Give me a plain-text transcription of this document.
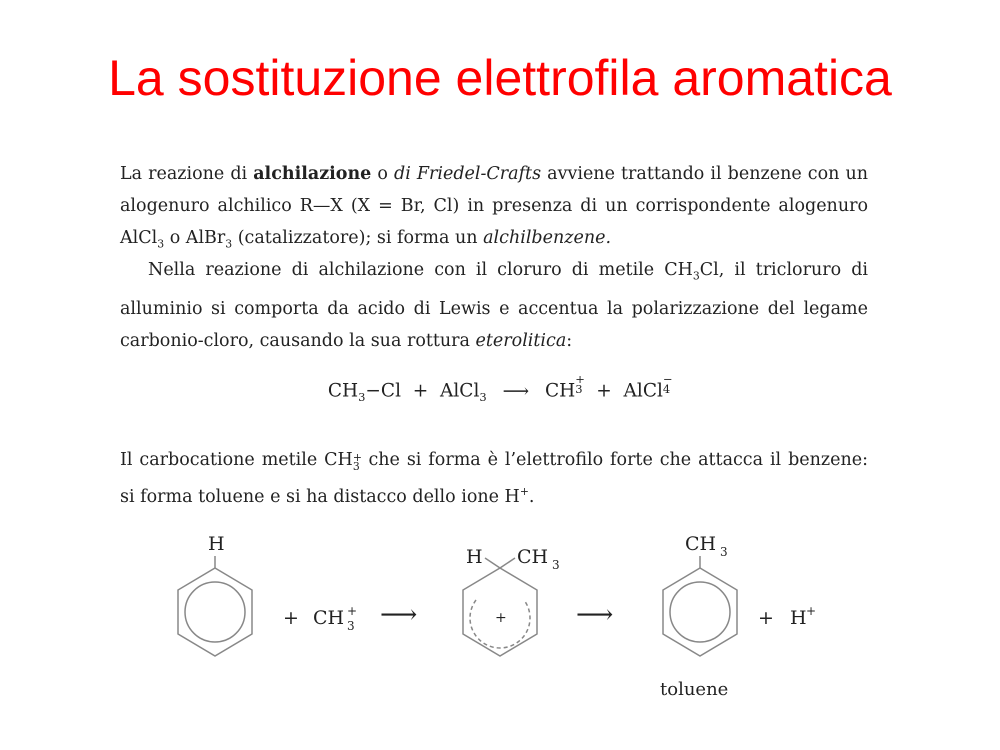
La sostituzione elettrofila aromatica
La reazione di alchilazione o di Friedel-Crafts avviene trattando il benzene con un alogenuro alchilico R—X (X = Br, Cl) in presenza di un corrispondente alogenuro AlCl$_3$ o AlBr$_3$ (catalizzatore); si forma un alchilbenzene.
Nella reazione di alchilazione con il cloruro di metile $CH_3Cl$, il tricloruro di alluminio si comporta da acido di Lewis e accentua la polarizzazione del legame carbonio-cloro, causando la sua rottura eterolitica:
$CH_3-Cl$  +  AlCl$_3$ ⟶ CH
+
3 +  AlCl
−
4
Il carbocatione metile CH +
3 che si forma è l’elettrofilo forte che attacca il benzene: si forma toluene e si ha distacco dello ione H+.
H
+ CH +
3 ⟶
H CH 3
+	⟶
CH 3
toluene
+ H +
